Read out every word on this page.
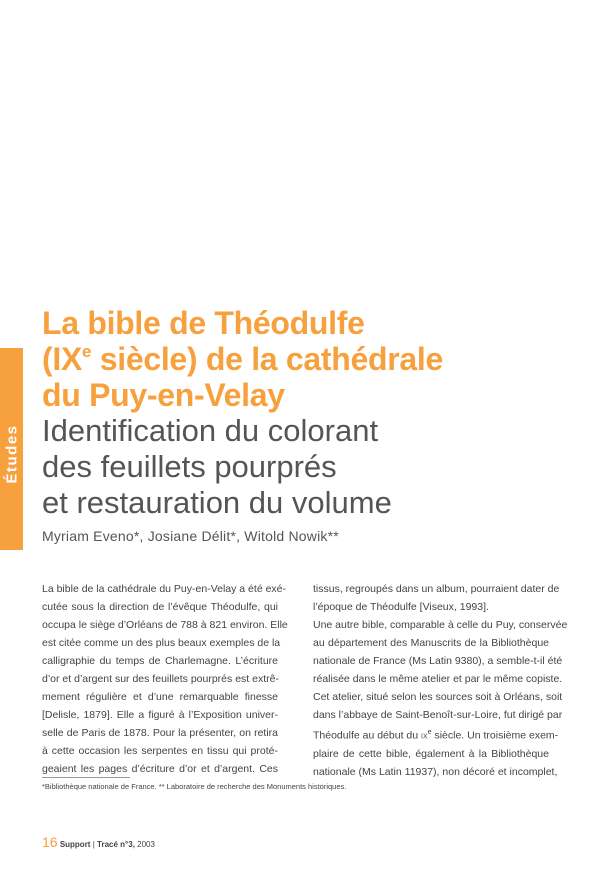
Études
La bible de Théodulfe
(IXe siècle) de la cathédrale
du Puy-en-Velay
Identification du colorant
des feuillets pourprés
et restauration du volume
Myriam Eveno*, Josiane Délit*, Witold Nowik**
La bible de la cathédrale du Puy-en-Velay a été exé-
cutée sous la direction de l’évêque Théodulfe, qui
occupa le siège d’Orléans de 788 à 821 environ. Elle
est citée comme un des plus beaux exemples de la
calligraphie du temps de Charlemagne. L’écriture
d’or et d’argent sur des feuillets pourprés est extrê-
mement régulière et d’une remarquable finesse
[Delisle, 1879]. Elle a figuré à l’Exposition univer-
selle de Paris de 1878. Pour la présenter, on retira
à cette occasion les serpentes en tissu qui proté-
geaient les pages d’écriture d’or et d’argent. Ces
tissus, regroupés dans un album, pourraient dater de
l’époque de Théodulfe [Viseux, 1993].
Une autre bible, comparable à celle du Puy, conservée
au département des Manuscrits de la Bibliothèque
nationale de France (Ms Latin 9380), a semble-t-il été
réalisée dans le même atelier et par le même copiste.
Cet atelier, situé selon les sources soit à Orléans, soit
dans l’abbaye de Saint-Benoît-sur-Loire, fut dirigé par
Théodulfe au début du $ix^e$ siècle. Un troisième exem-
plaire de cette bible, également à la Bibliothèque
nationale (Ms Latin 11937), non décoré et incomplet,
*Bibliothèque nationale de France. ** Laboratoire de recherche des Monuments historiques.
16 Support | Tracé n°3, 2003
